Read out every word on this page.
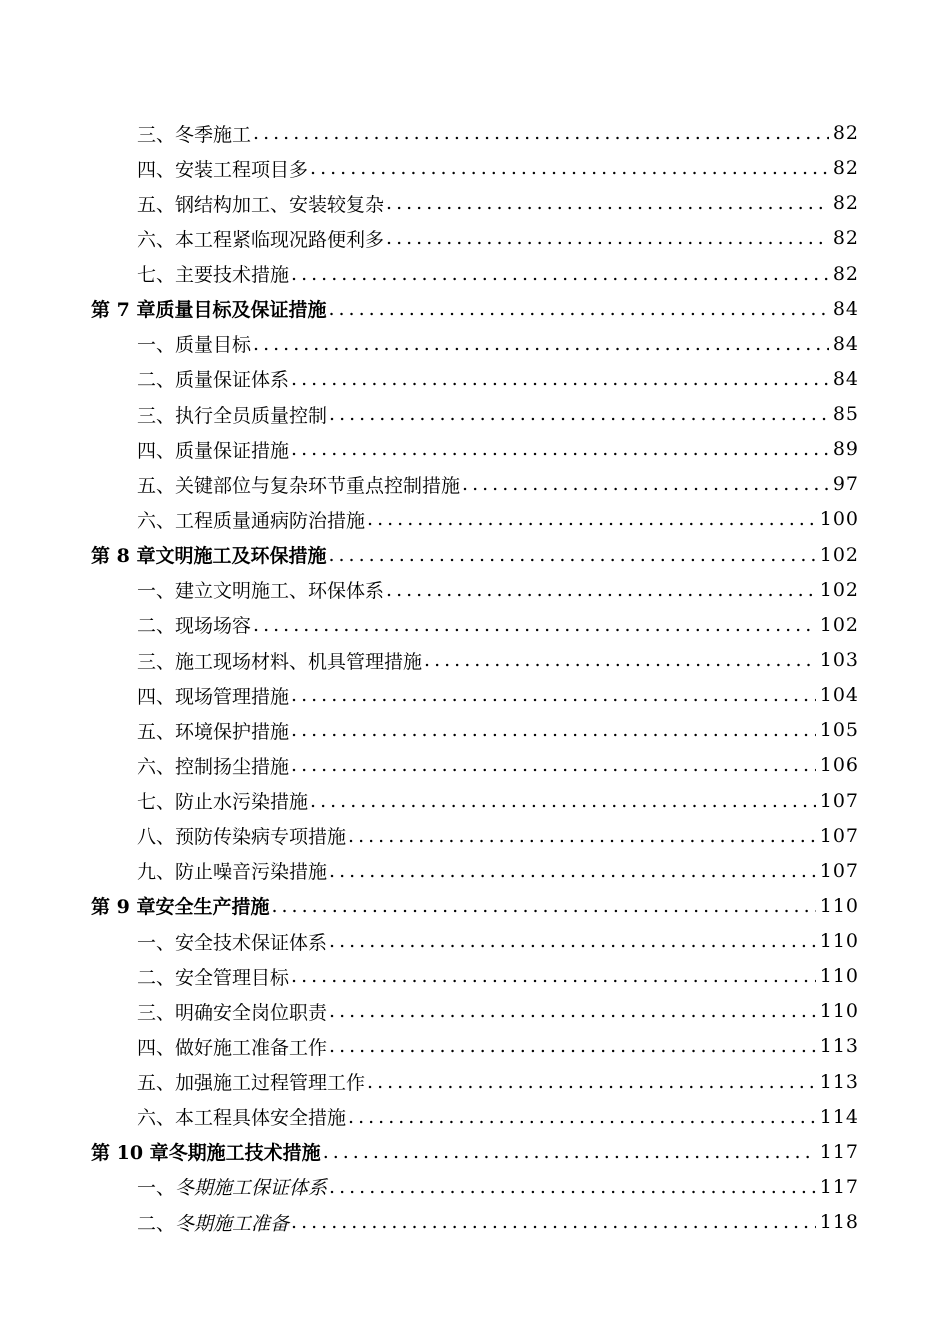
三、 冬季施工 .....	82
四、 安装工程项目多 .....	82
五、 钢结构加工、安装较复杂 .....	82
六、 本工程紧临现况路便利多 .....	82
七、 主要技术措施 .....	82
第 7 章 质量目标及保证措施 .....	84
一、 质量目标 .....	84
二、 质量保证体系 .....	84
三、 执行全员质量控制 .....	85
四、 质量保证措施 .....	89
五、 关键部位与复杂环节重点控制措施 .....	97
六、 工程质量通病防治措施 .....	100
第 8 章 文明施工及环保措施 .....	102
一、 建立文明施工、环保体系 .....	102
二、 现场场容 .....	102
三、 施工现场材料、机具管理措施 .....	103
四、 现场管理措施 .....	104
五、 环境保护措施 .....	105
六、 控制扬尘措施 .....	106
七、 防止水污染措施 .....	107
八、 预防传染病专项措施 .....	107
九、 防止噪音污染措施 .....	107
第 9 章 安全生产措施 .....	110
一、 安全技术保证体系 .....	110
二、 安全管理目标 .....	110
三、 明确安全岗位职责 .....	110
四、 做好施工准备工作 .....	113
五、 加强施工过程管理工作 .....	113
六、 本工程具体安全措施 .....	114
第 10 章 冬期施工技术措施 .....	117
一、 冬期施工保证体系 .....	117
二、 冬期施工准备 .....	118
